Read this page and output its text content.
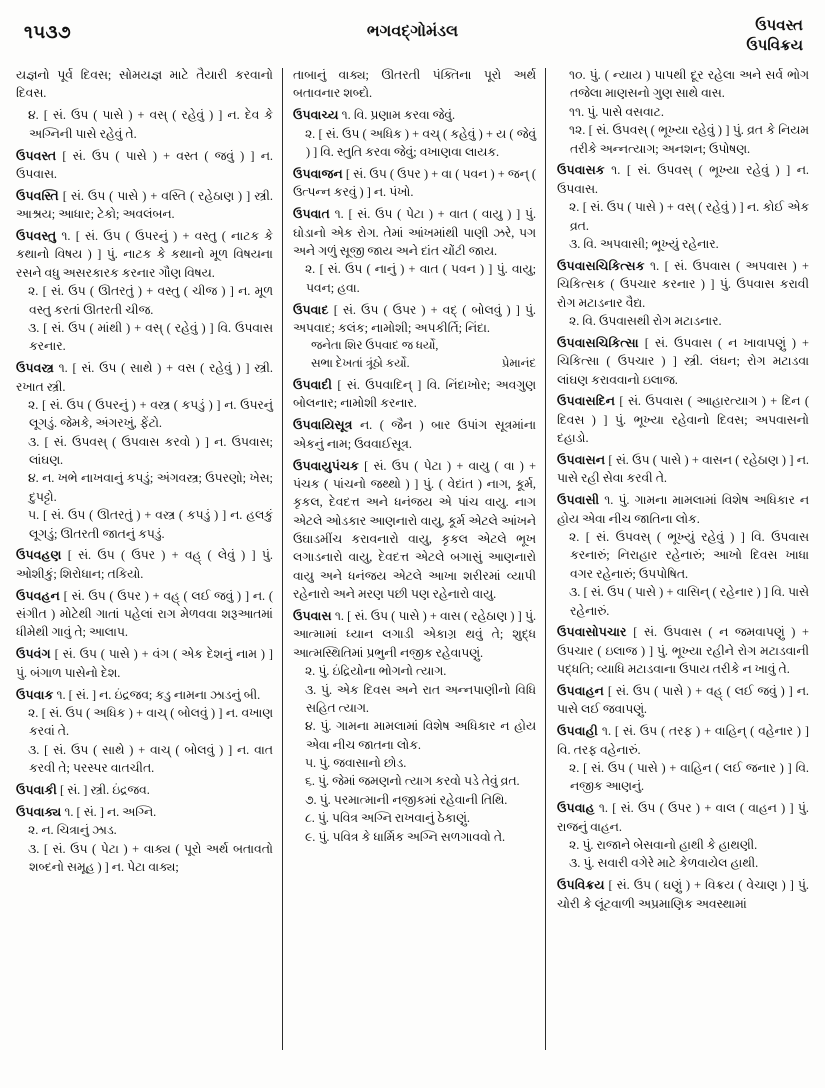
૧૫૩૭	ભગવદ્ગોમંડલ	ઉપવસ્ત
ઉપવિક્રય

યજ્ઞનો પૂર્વ દિવસ; સોમયજ્ઞ માટે તૈયારી કરવાનો દિવસ.

૪. [ સં. ઉપ ( પાસે ) + વસ્ ( રહેવું ) ] ન. દેવ કે અગ્નિની પાસે રહેવું તે.

ઉપવસ્ત [ સં. ઉપ ( પાસે ) + વસ્ત ( જવું ) ] ન. ઉપવાસ.

ઉપવસ્તિ [ સં. ઉપ ( પાસે ) + વસ્તિ ( રહેઠાણ ) ] સ્ત્રી. આશ્રય; આધાર; ટેકો; અવલંબન.

ઉપવસ્તુ ૧. [ સં. ઉપ ( ઉપરનું ) + વસ્તુ ( નાટક કે કથાનો વિષય ) ] પું. નાટક કે કથાનો મૂળ વિષયના રસને વધુ અસરકારક કરનાર ગૌણ વિષય.

૨. [ સં. ઉપ ( ઊતરતું ) + વસ્તુ ( ચીજ ) ] ન. મૂળ વસ્તુ કરતાં ઊતરતી ચીજ.

૩. [ સં. ઉપ ( માંથી ) + વસ્ ( રહેવું ) ] વિ. ઉપવાસ કરનાર.

ઉપવસ્ત્ર ૧. [ સં. ઉપ ( સાથે ) + વસ ( રહેવું ) ] સ્ત્રી. રખાત સ્ત્રી.

૨. [ સં. ઉપ ( ઉપરનું ) + વસ્ત્ર ( કપડું ) ] ન. ઉપરનું લૂગડું. જેમકે, અંગરખું, ફેંટો.

૩. [ સં. ઉપવસ્ ( ઉપવાસ કરવો ) ] ન. ઉપવાસ; લાંઘણ.

૪. ન. ખભે નાખવાનું કપડું; અંગવસ્ત્ર; ઉપરણો; ખેસ; દુપટ્ટો.

૫. [ સં. ઉપ ( ઊતરતું ) + વસ્ત્ર ( કપડું ) ] ન. હલકું લૂગડું; ઊતરતી જાતનું કપડું.

ઉપવહણ [ સં. ઉપ ( ઉપર ) + વહ્ ( લેવું ) ] પું. ઓશીકું; શિરોધાન; તકિયો.

ઉપવહન [ સં. ઉપ ( ઉપર ) + વહ્ ( લઈ જવું ) ] ન. ( સંગીત ) મોટેથી ગાતાં પહેલાં રાગ મેળવવા શરૂઆતમાં ધીમેથી ગાવું તે; આલાપ.

ઉપવંગ [ સં. ઉપ ( પાસે ) + વંગ ( એક દેશનું નામ ) ] પું. બંગાળ પાસેનો દેશ.

ઉપવાક ૧. [ સં. ] ન. ઇંદ્રજવ; કડુ નામના ઝાડનું બી.

૨. [ સં. ઉપ ( અધિક ) + વાચ્ ( બોલવું ) ] ન. વખાણ કરવાં તે.

૩. [ સં. ઉપ ( સાથે ) + વાચ્ ( બોલવું ) ] ન. વાત કરવી તે; પરસ્પર વાતચીત.

ઉપવાકી [ સં. ] સ્ત્રી. ઇંદ્રજવ.

ઉપવાક્ય ૧. [ સં. ] ન. અગ્નિ.

૨. ન. ચિત્રાનું ઝાડ.

૩. [ સં. ઉપ ( પેટા ) + વાક્ય ( પૂરો અર્થ બતાવતો શબ્દનો સમૂહ ) ] ન. પેટા વાક્ય;

તાબાનું વાક્ય; ઊતરતી પંક્તિના પૂરો અર્થ બતાવનાર શબ્દો.

ઉપવાચ્ય ૧. વિ. પ્રણામ કરવા જેવું.

૨. [ સં. ઉપ ( અધિક ) + વચ્ ( કહેવું ) + ય ( જેવું ) ] વિ. સ્તુતિ કરવા જેવું; વખાણવા લાયક.

ઉપવાજન [ સં. ઉપ ( ઉપર ) + વા ( પવન ) + જન્ ( ઉત્પન્ન કરવું ) ] ન. પંખો.

ઉપવાત ૧. [ સં. ઉપ ( પેટા ) + વાત ( વાયુ ) ] પું. ઘોડાનો એક રોગ. તેમાં આંખમાંથી પાણી ઝરે, પગ અને ગળું સૂજી જાય અને દાંત ચોંટી જાય.

૨. [ સં. ઉપ ( નાનું ) + વાત ( પવન ) ] પું. વાયુ; પવન; હવા.

ઉપવાદ [ સં. ઉપ ( ઉપર ) + વદ્ ( બોલવું ) ] પું. અપવાદ; કલંક; નામોશી; અપકીર્તિ; નિંદા.

જનેતા શિર ઉપવાદ જ ધર્યો,
સભા દેખતાં ત્રૂંઠો કર્યો.	પ્રેમાનંદ

ઉપવાદી [ સં. ઉપવાદિન્ ] વિ. નિંદાખોર; અવગુણ બોલનાર; નામોશી કરનાર.

ઉપવાયિસૂત્ર ન. ( જૈન ) બાર ઉપાંગ સૂત્રમાંના એકનું નામ; ઉવવાઈસૂત્ર.

ઉપવાયુપંચક [ સં. ઉપ ( પેટા ) + વાયુ ( વા ) + પંચક ( પાંચનો જથ્થો ) ] પું. ( વેદાંત ) નાગ, કૂર્મ, કૃકલ, દેવદત્ત અને ધનંજય એ પાંચ વાયુ. નાગ એટલે ઓડકાર આણનારો વાયુ, કૂર્મ એટલે આંખને ઉઘાડમીંચ કરાવનારો વાયુ, કૃકલ એટલે ભૂખ લગાડનારો વાયુ, દેવદત્ત એટલે બગાસું આણનારો વાયુ અને ધનંજય એટલે આખા શરીરમાં વ્યાપી રહેનારો અને મરણ પછી પણ રહેનારો વાયુ.

ઉપવાસ ૧. [ સં. ઉપ ( પાસે ) + વાસ ( રહેઠાણ ) ] પું. આત્મામાં ધ્યાન લગાડી એકાગ્ર થવું તે; શુદ્ધ આત્મસ્થિતિમાં પ્રભુની નજીક રહેવાપણું.

૨. પું. ઇંદ્રિયોના ભોગનો ત્યાગ.

૩. પું. એક દિવસ અને રાત અન્નપાણીનો વિધિ સહિત ત્યાગ.

૪. પું. ગામના મામલામાં વિશેષ અધિકાર ન હોય એવા નીચ જાતના લોક.

૫. પું. જવાસાનો છોડ.

૬. પું. જેમાં જમણનો ત્યાગ કરવો પડે તેવું વ્રત.

૭. પું. પરમાત્માની નજીકમાં રહેવાની તિથિ.

૮. પું. પવિત્ર અગ્નિ રાખવાનું ઠેકાણું.

૯. પું. પવિત્ર કે ધાર્મિક અગ્નિ સળગાવવો તે.

૧૦. પું. ( ન્યાય ) પાપથી દૂર રહેલા અને સર્વ ભોગ તજેલા માણસનો ગુણ સાથે વાસ.

૧૧. પું. પાસે વસવાટ.

૧૨. [ સં. ઉપવસ્ ( ભૂખ્યા રહેવું ) ] પું. વ્રત કે નિયમ તરીકે અન્નત્યાગ; અનશન; ઉપોષણ.

ઉપવાસક ૧. [ સં. ઉપવસ્ ( ભૂખ્યા રહેવું ) ] ન. ઉપવાસ.

૨. [ સં. ઉપ ( પાસે ) + વસ્ ( રહેવું ) ] ન. કોઈ એક વ્રત.

૩. વિ. અપવાસી; ભૂખ્યું રહેનાર.

ઉપવાસચિકિત્સક ૧. [ સં. ઉપવાસ ( અપવાસ ) + ચિકિત્સક ( ઉપચાર કરનાર ) ] પું. ઉપવાસ કરાવી રોગ મટાડનાર વૈદ્ય.

૨. વિ. ઉપવાસથી રોગ મટાડનાર.

ઉપવાસચિકિત્સા [ સં. ઉપવાસ ( ન ખાવાપણું ) + ચિકિત્સા ( ઉપચાર ) ] સ્ત્રી. લંઘન; રોગ મટાડવા લાંઘણ કરાવવાનો ઇલાજ.

ઉપવાસદિન [ સં. ઉપવાસ ( આહારત્યાગ ) + દિન ( દિવસ ) ] પું. ભૂખ્યા રહેવાનો દિવસ; અપવાસનો દહાડો.

ઉપવાસન [ સં. ઉપ ( પાસે ) + વાસન ( રહેઠાણ ) ] ન. પાસે રહી સેવા કરવી તે.

ઉપવાસી ૧. પું. ગામના મામલામાં વિશેષ અધિકાર ન હોય એવા નીચ જાતિના લોક.

૨. [ સં. ઉપવસ્ ( ભૂખ્યું રહેવું ) ] વિ. ઉપવાસ કરનારું; નિરાહાર રહેનારું; આખો દિવસ ખાધા વગર રહેનારું; ઉપપોષિત.

૩. [ સં. ઉપ ( પાસે ) + વાસિન્ ( રહેનાર ) ] વિ. પાસે રહેનારું.

ઉપવાસોપચાર [ સં. ઉપવાસ ( ન જમવાપણું ) + ઉપચાર ( ઇલાજ ) ] પું. ભૂખ્યા રહીને રોગ મટાડવાની પદ્ધતિ; વ્યાધિ મટાડવાના ઉપાય તરીકે ન ખાવું તે.

ઉપવાહન [ સં. ઉપ ( પાસે ) + વહ્ ( લઈ જવું ) ] ન. પાસે લઈ જવાપણું.

ઉપવાહી ૧. [ સં. ઉપ ( તરફ ) + વાહિન્ ( વહેનાર ) ] વિ. તરફ વહેનારું.

૨. [ સં. ઉપ ( પાસે ) + વાહિન ( લઈ જનાર ) ] વિ. નજીક આણનું.

ઉપવાહ ૧. [ સં. ઉપ ( ઉપર ) + વાલ ( વાહન ) ] પું. રાજનું વાહન.

૨. પું. રાજાને બેસવાનો હાથી કે હાથણી.

૩. પું. સવારી વગેરે માટે કેળવાયેલ હાથી.

ઉપવિક્રય [ સં. ઉપ ( ઘણું ) + વિક્રય ( વેચાણ ) ] પું. ચોરી કે લૂંટવાળી અપ્રમાણિક અવસ્થામાં
